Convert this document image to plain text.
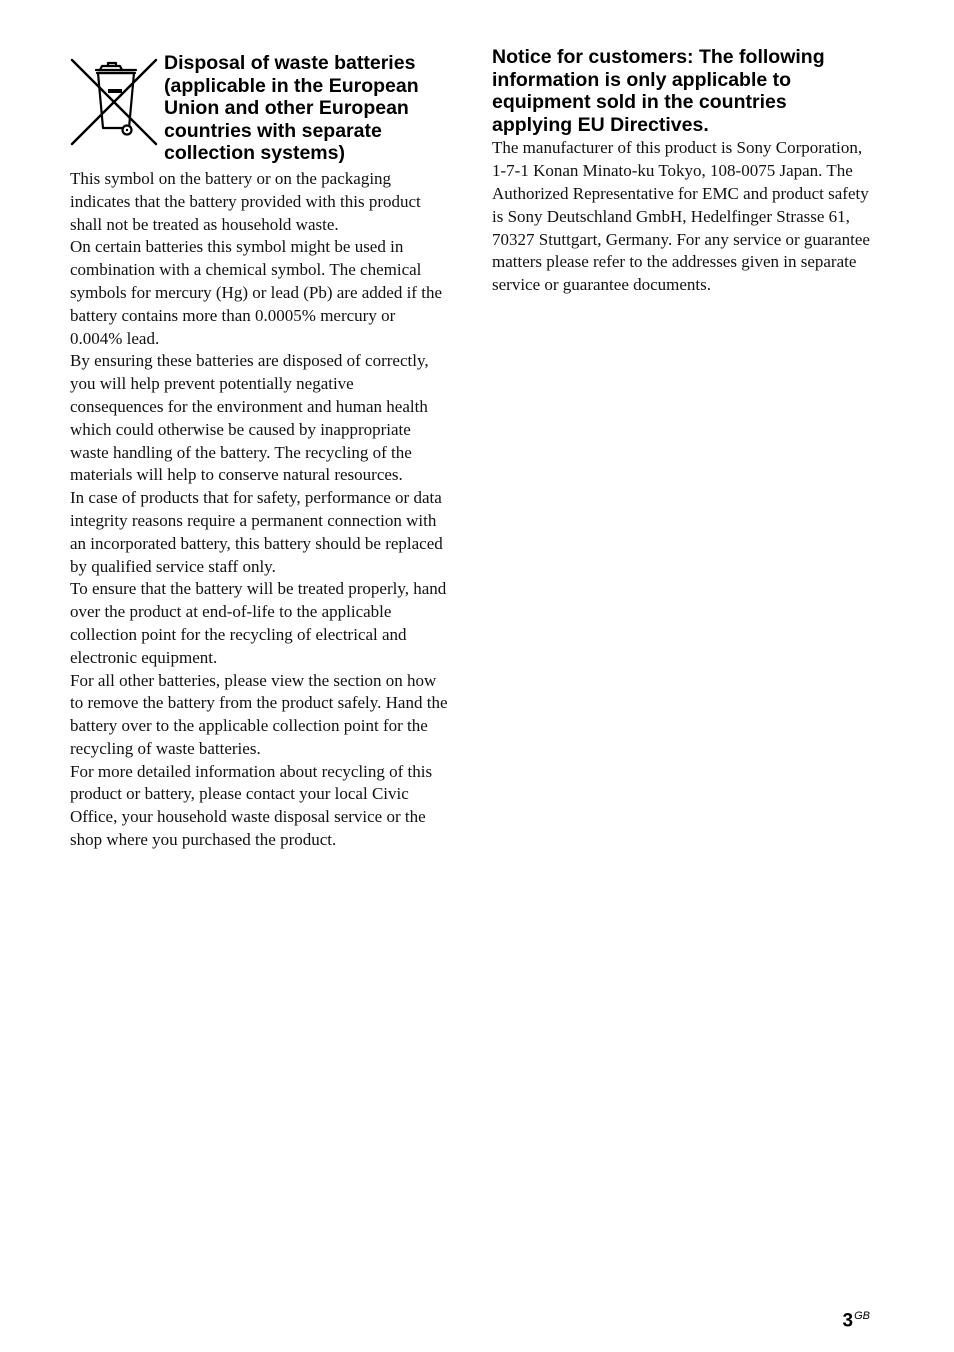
Disposal of waste batteries (applicable in the European Union and other European countries with separate collection systems)

This symbol on the battery or on the packaging indicates that the battery provided with this product shall not be treated as household waste.

On certain batteries this symbol might be used in combination with a chemical symbol. The chemical symbols for mercury (Hg) or lead (Pb) are added if the battery contains more than 0.0005% mercury or 0.004% lead.

By ensuring these batteries are disposed of correctly, you will help prevent potentially negative consequences for the environment and human health which could otherwise be caused by inappropriate waste handling of the battery. The recycling of the materials will help to conserve natural resources.

In case of products that for safety, performance or data integrity reasons require a permanent connection with an incorporated battery, this battery should be replaced by qualified service staff only.

To ensure that the battery will be treated properly, hand over the product at end-of-life to the applicable collection point for the recycling of electrical and electronic equipment.

For all other batteries, please view the section on how to remove the battery from the product safely. Hand the battery over to the applicable collection point for the recycling of waste batteries.

For more detailed information about recycling of this product or battery, please contact your local Civic Office, your household waste disposal service or the shop where you purchased the product.

Notice for customers: The following information is only applicable to equipment sold in the countries applying EU Directives.

The manufacturer of this product is Sony Corporation, 1-7-1 Konan Minato-ku Tokyo, 108-0075 Japan. The Authorized Representative for EMC and product safety is Sony Deutschland GmbH, Hedelfinger Strasse 61, 70327 Stuttgart, Germany. For any service or guarantee matters please refer to the addresses given in separate service or guarantee documents.

$3^{GB}$
